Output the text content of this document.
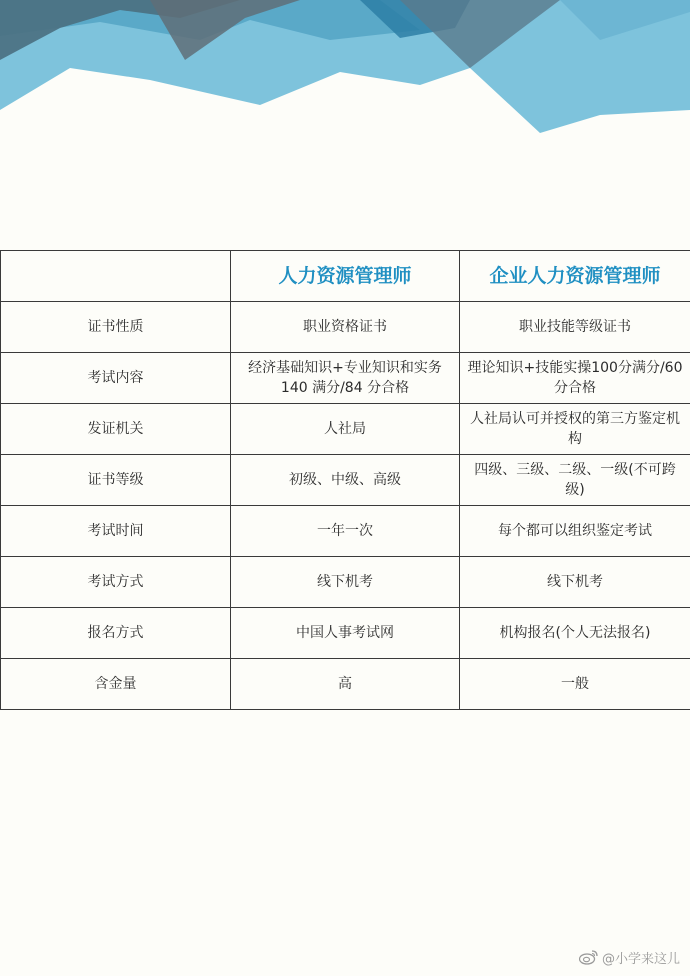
	人力资源管理师	企业人力资源管理师
证书性质	职业资格证书	职业技能等级证书
考试内容	经济基础知识+专业知识和实务140 满分/84 分合格	理论知识+技能实操100分满分/60分合格
发证机关	人社局	人社局认可并授权的第三方鉴定机构
证书等级	初级、中级、高级	四级、三级、二级、一级(不可跨级)
考试时间	一年一次	每个都可以组织鉴定考试
考试方式	线下机考	线下机考
报名方式	中国人事考试网	机构报名(个人无法报名)
含金量	高	一般
@小学来这儿
